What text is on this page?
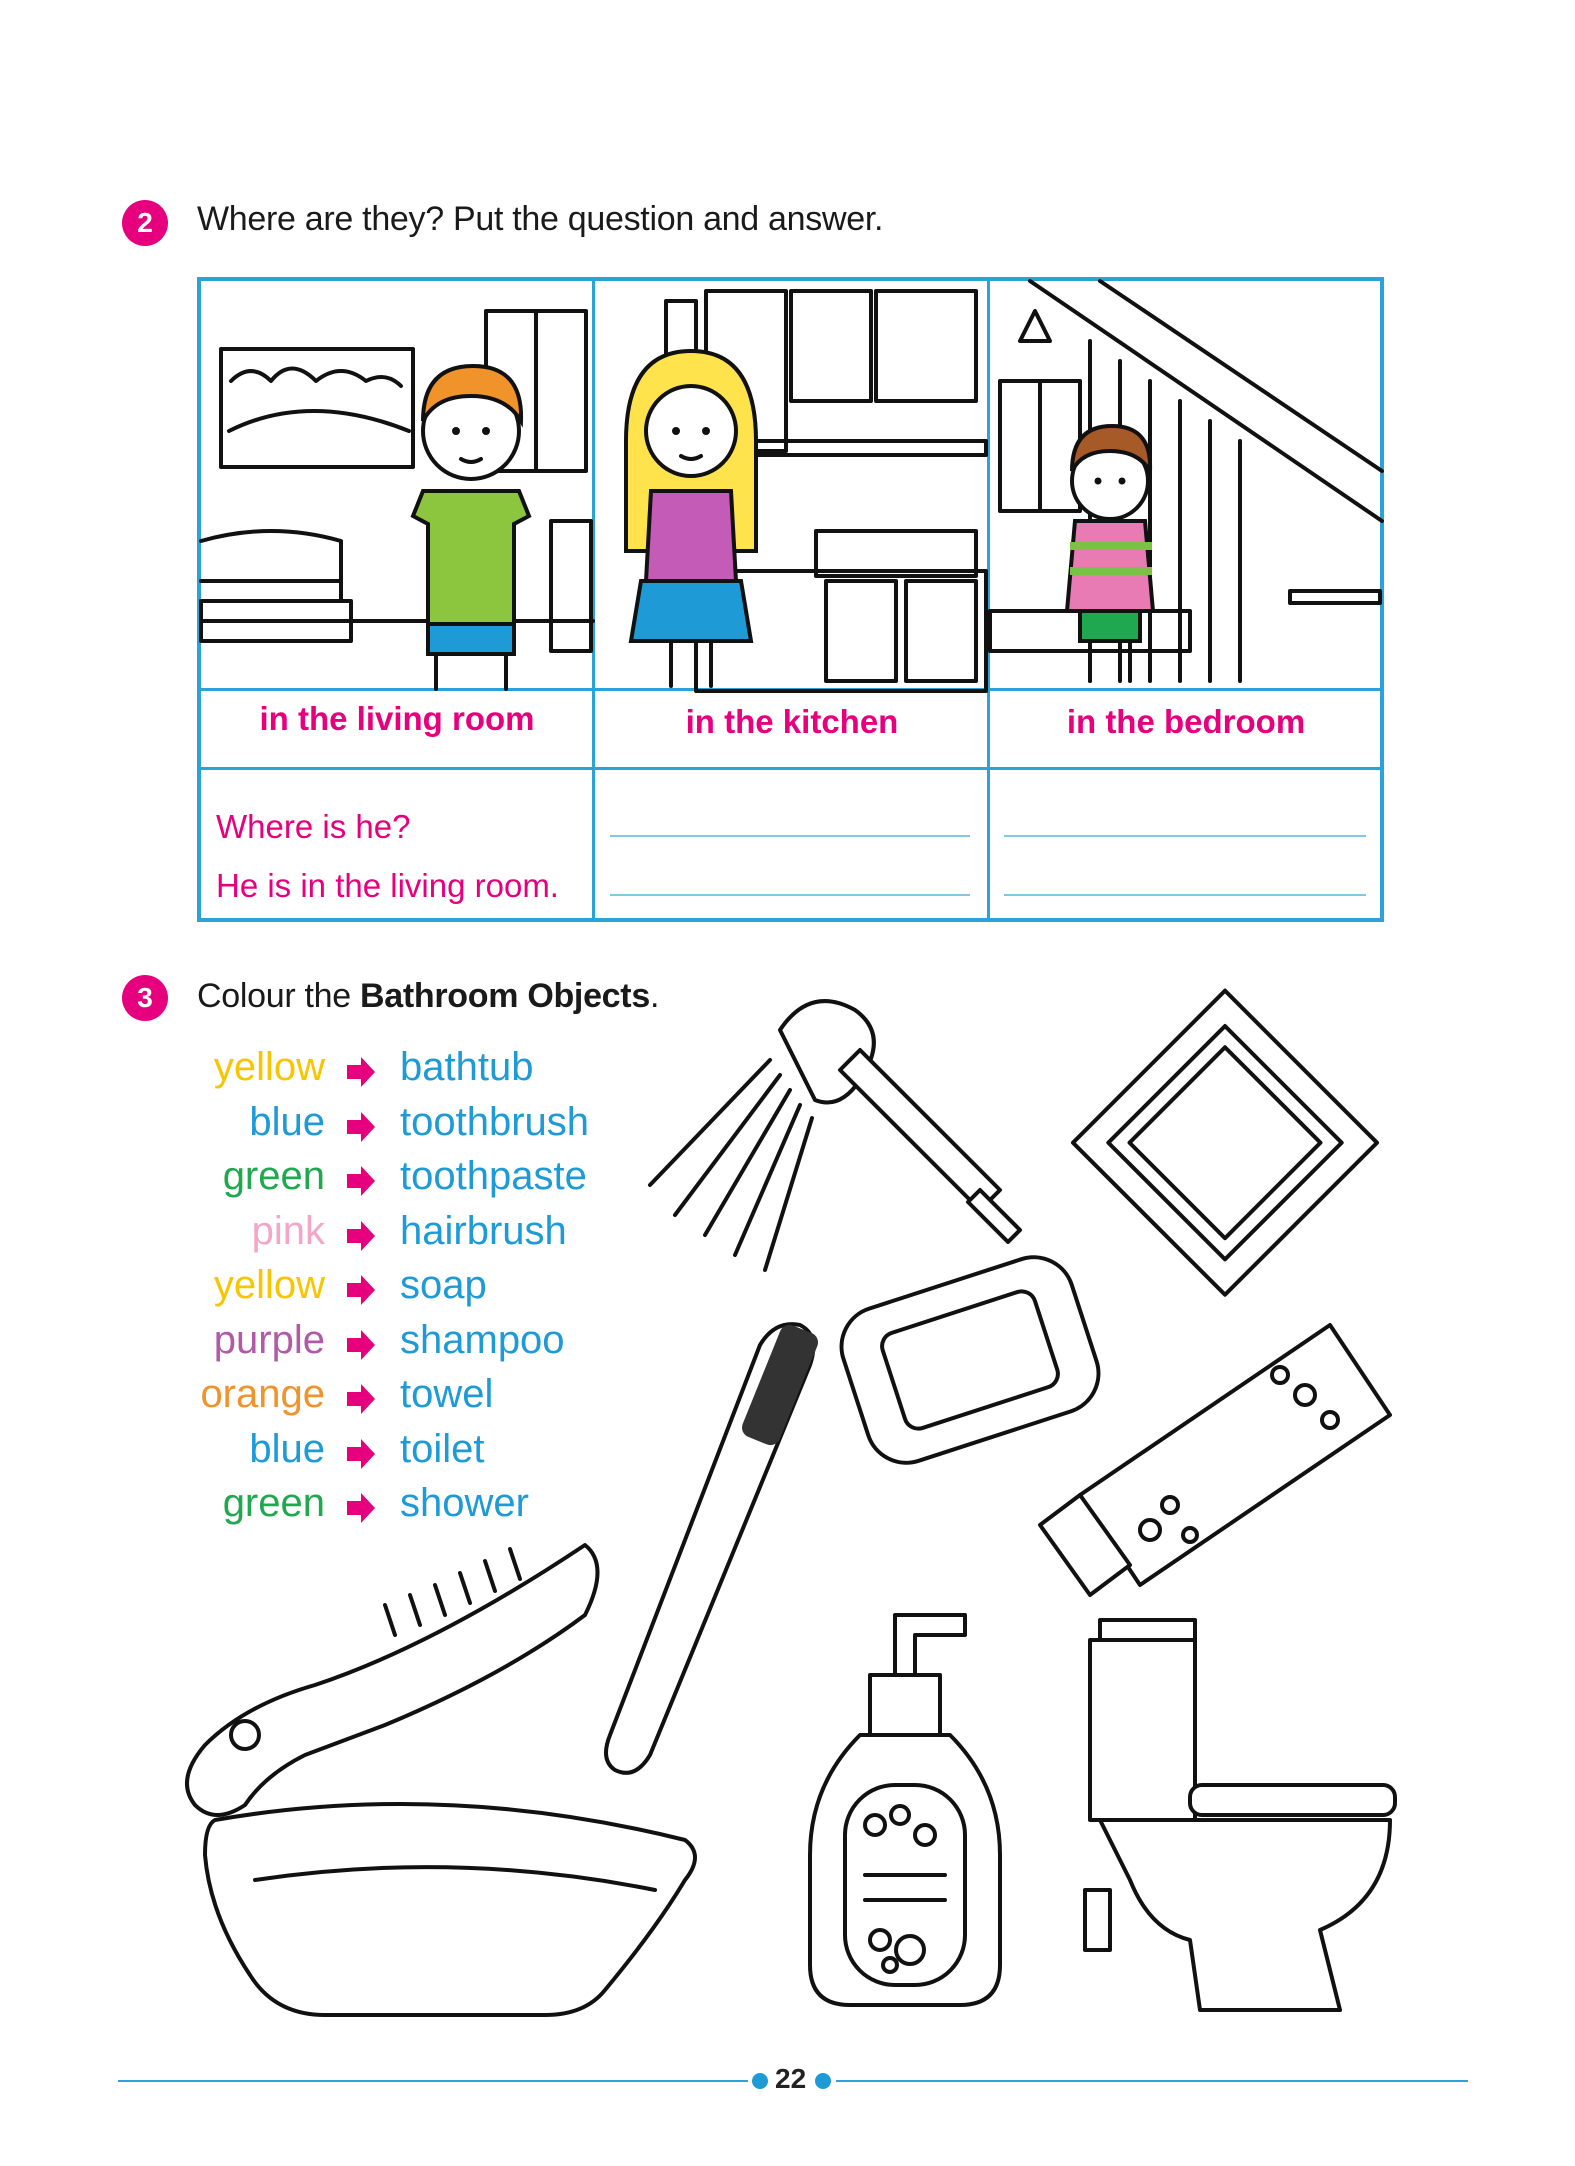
2	Where are they? Put the question and answer.
in the living room	in the kitchen	in the bedroom
Where is he?
He is in the living room.
3	Colour the Bathroom Objects.
yellow bathtub
blue toothbrush
green toothpaste
pink hairbrush
yellow soap
purple shampoo
orange towel
blue toilet
green shower
22
